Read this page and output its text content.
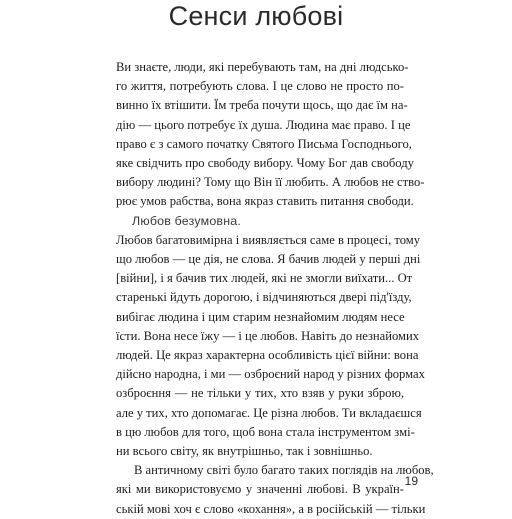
Сенси любові
Ви знаєте, люди, які перебувають там, на дні людсько-
го життя, потребують слова. І це слово не просто по-
винно їх втішити. Їм треба почути щось, що дає їм на-
дію — цього потребує їх душа. Людина має право. І це
право є з самого початку Святого Письма Господнього,
яке свідчить про свободу вибору. Чому Бог дав свободу
вибору людині? Тому що Він її любить. А любов не ство-
рює умов рабства, вона якраз ставить питання свободи.
Любов безумовна.
Любов багатовимірна і виявляється саме в процесі, тому
що любов — це дія, не слова. Я бачив людей у перші дні
[війни], і я бачив тих людей, які не змогли виїхати... От
старенькі йдуть дорогою, і відчиняються двері під'їзду,
вибігає людина і цим старим незнайомим людям несе
їсти. Вона несе їжу — і це любов. Навіть до незнайомих
людей. Це якраз характерна особливість цієї війни: вона
дійсно народна, і ми — озброєний народ у різних формах
озброєння — не тільки у тих, хто взяв у руки зброю,
але у тих, хто допомагає. Це різна любов. Ти вкладаєшся
в цю любов для того, щоб вона стала інструментом змі-
ни всього світу, як внутрішньо, так і зовнішньо.
В античному світі було багато таких поглядів на любов,
які ми використовуємо у значенні любові. В україн-
ській мові хоч є слово «кохання», а в російській — тільки
19
